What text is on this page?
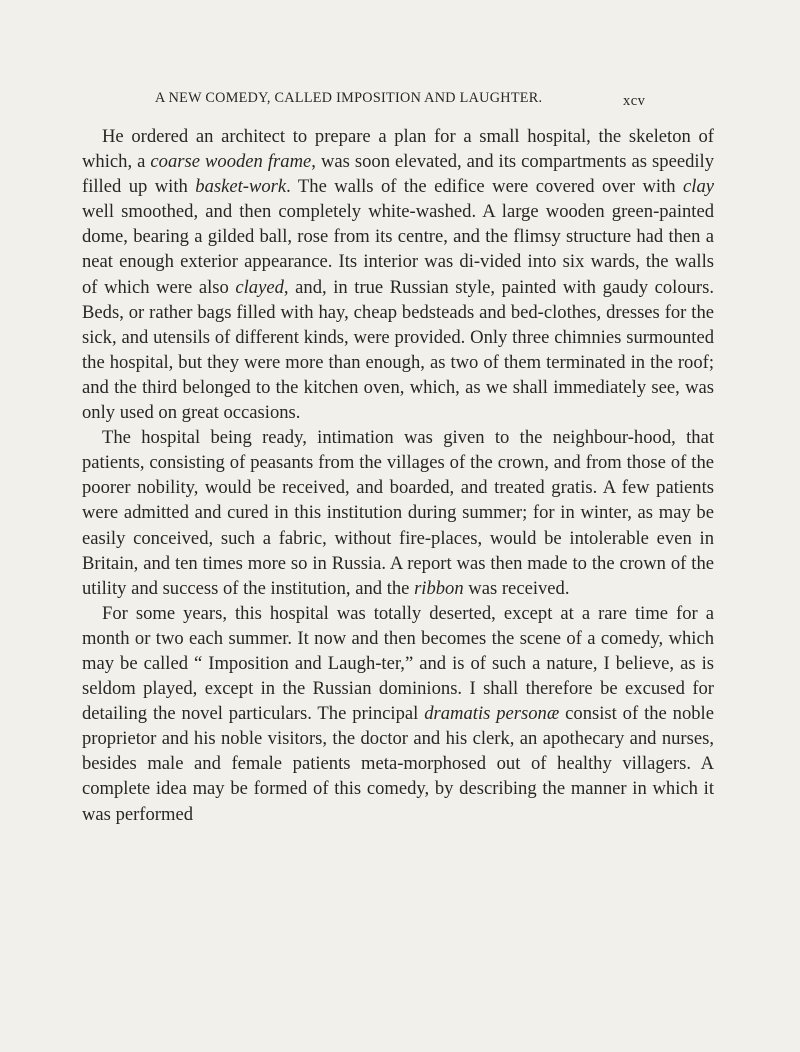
A NEW COMEDY, CALLED IMPOSITION AND LAUGHTER.	xcv

He ordered an architect to prepare a plan for a small hospital, the skeleton of which, a coarse wooden frame, was soon elevated, and its compartments as speedily filled up with basket-work. The walls of the edifice were covered over with clay well smoothed, and then completely white-washed. A large wooden green-painted dome, bearing a gilded ball, rose from its centre, and the flimsy structure had then a neat enough exterior appearance. Its interior was di-vided into six wards, the walls of which were also clayed, and, in true Russian style, painted with gaudy colours. Beds, or rather bags filled with hay, cheap bedsteads and bed-clothes, dresses for the sick, and utensils of different kinds, were provided. Only three chimnies surmounted the hospital, but they were more than enough, as two of them terminated in the roof; and the third belonged to the kitchen oven, which, as we shall immediately see, was only used on great occasions.

The hospital being ready, intimation was given to the neighbour-hood, that patients, consisting of peasants from the villages of the crown, and from those of the poorer nobility, would be received, and boarded, and treated gratis. A few patients were admitted and cured in this institution during summer; for in winter, as may be easily conceived, such a fabric, without fire-places, would be intolerable even in Britain, and ten times more so in Russia. A report was then made to the crown of the utility and success of the institution, and the ribbon was received.

For some years, this hospital was totally deserted, except at a rare time for a month or two each summer. It now and then becomes the scene of a comedy, which may be called “ Imposition and Laugh-ter,” and is of such a nature, I believe, as is seldom played, except in the Russian dominions. I shall therefore be excused for detailing the novel particulars. The principal dramatis personæ consist of the noble proprietor and his noble visitors, the doctor and his clerk, an apothecary and nurses, besides male and female patients meta-morphosed out of healthy villagers. A complete idea may be formed of this comedy, by describing the manner in which it was performed
